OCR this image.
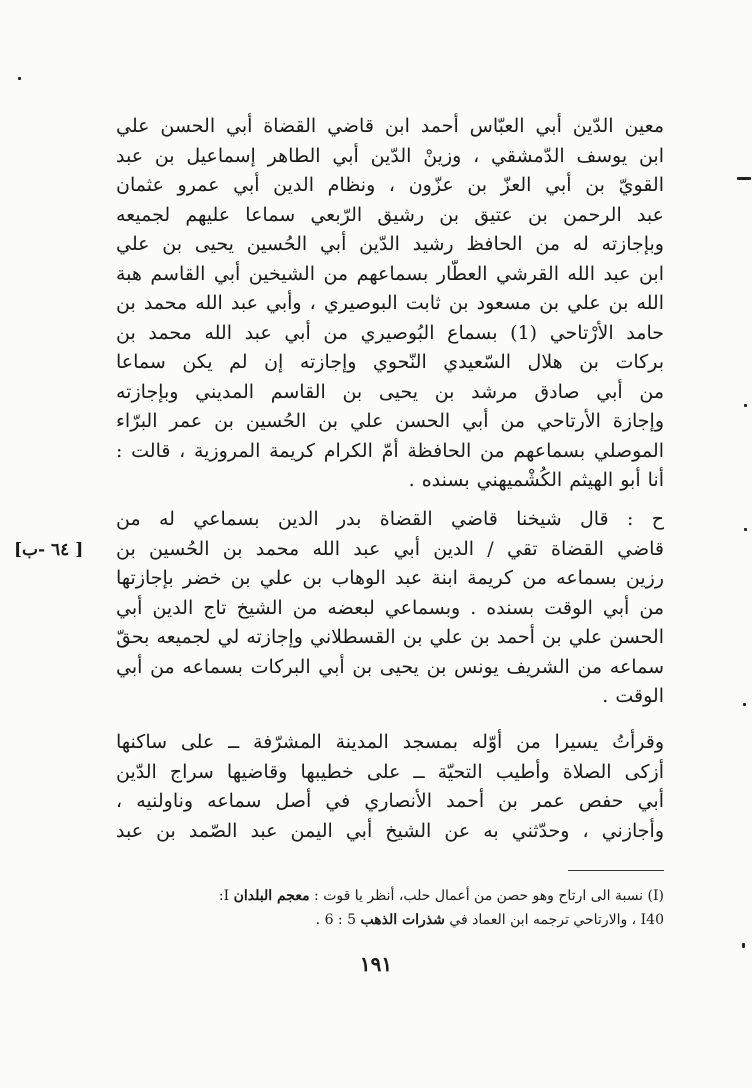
معين الدّين أبي العبّاس أحمد ابن قاضي القضاة أبي الحسن علي
ابن يوسف الدّمشقي ، وزينْ الدّين أبي الطاهر إسماعيل بن عبد
القويّ بن أبي العزّ بن عزّون ، ونظام الدين أبي عمرو عثمان
عبد الرحمن بن عتيق بن رشيق الرّبعي سماعا عليهم لجميعه
وبإجازته له من الحافظ رشيد الدّين أبي الحُسين يحيى بن علي
ابن عبد الله القرشي العطّار بسماعهم من الشيخين أبي القاسم هبة
الله بن علي بن مسعود بن ثابت البوصيري ، وأبي عبد الله محمد بن
حامد الأرْتاحي (1) بسماع البُوصيري من أبي عبد الله محمد بن
بركات بن هلال السّعيدي النّحوي وإجازته إن لم يكن سماعا
من أبي صادق مرشد بن يحيى بن القاسم المديني وبإجازته
وإجازة الأرتاحي من أبي الحسن علي بن الحُسين بن عمر البرّاء
الموصلي بسماعهم من الحافظة أمّ الكرام كريمة المروزية ، قالت :
أنا أبو الهيثم الكُشْميهني بسنده .
ح : قال شيخنا قاضي القضاة بدر الدين بسماعي له من
قاضي القضاة تقي / الدين أبي عبد الله محمد بن الحُسين بن
رزين بسماعه من كريمة ابنة عبد الوهاب بن علي بن خضر بإجازتها
من أبي الوقت بسنده . وبسماعي لبعضه من الشيخ تاج الدين أبي
الحسن علي بن أحمد بن علي بن القسطلاني وإجازته لي لجميعه بحقّ
سماعه من الشريف يونس بن يحيى بن أبي البركات بسماعه من أبي
الوقت .
[ ٦٤ -ب]
وقرأتُ يسيرا من أوّله بمسجد المدينة المشرّفة ــ على ساكنها
أزكى الصلاة وأطيب التحيّة ــ على خطيبها وقاضيها سراج الدّين
أبي حفص عمر بن أحمد الأنصاري في أصل سماعه وناولنيه ،
وأجازني ، وحدّثني به عن الشيخ أبي اليمن عبد الصّمد بن عبد
(I) نسبة الى ارتاح وهو حصن من أعمال حلب، أنظر يا قوت : معجم البلدان I:
I40 ، والارتاحي ترجمه ابن العماد في شذرات الذهب 5 : 6 .
١٩١
